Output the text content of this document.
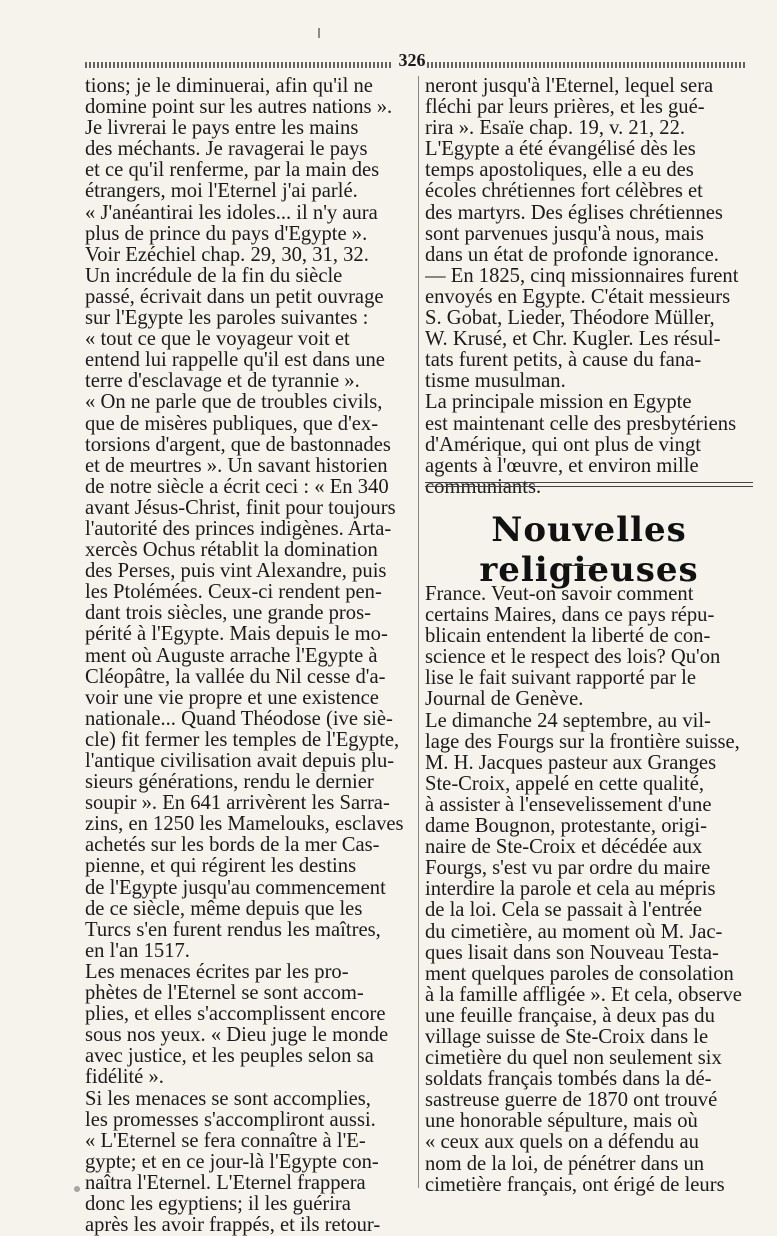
326
tions; je le diminuerai, afin qu'il ne
domine point sur les autres nations ».
Je livrerai le pays entre les mains
des méchants. Je ravagerai le pays
et ce qu'il renferme, par la main des
étrangers, moi l'Eternel j'ai parlé.
« J'anéantirai les idoles... il n'y aura
plus de prince du pays d'Egypte ».
Voir Ezéchiel chap. 29, 30, 31, 32.
Un incrédule de la fin du siècle
passé, écrivait dans un petit ouvrage
sur l'Egypte les paroles suivantes :
« tout ce que le voyageur voit et
entend lui rappelle qu'il est dans une
terre d'esclavage et de tyrannie ».
« On ne parle que de troubles civils,
que de misères publiques, que d'ex-
torsions d'argent, que de bastonnades
et de meurtres ». Un savant historien
de notre siècle a écrit ceci : « En 340
avant Jésus-Christ, finit pour toujours
l'autorité des princes indigènes. Arta-
xercès Ochus rétablit la domination
des Perses, puis vint Alexandre, puis
les Ptolémées. Ceux-ci rendent pen-
dant trois siècles, une grande pros-
périté à l'Egypte. Mais depuis le mo-
ment où Auguste arrache l'Egypte à
Cléopâtre, la vallée du Nil cesse d'a-
voir une vie propre et une existence
nationale... Quand Théodose (ive siè-
cle) fit fermer les temples de l'Egypte,
l'antique civilisation avait depuis plu-
sieurs générations, rendu le dernier
soupir ». En 641 arrivèrent les Sarra-
zins, en 1250 les Mamelouks, esclaves
achetés sur les bords de la mer Cas-
pienne, et qui régirent les destins
de l'Egypte jusqu'au commencement
de ce siècle, même depuis que les
Turcs s'en furent rendus les maîtres,
en l'an 1517.
Les menaces écrites par les pro-
phètes de l'Eternel se sont accom-
plies, et elles s'accomplissent encore
sous nos yeux. « Dieu juge le monde
avec justice, et les peuples selon sa
fidélité ».
Si les menaces se sont accomplies,
les promesses s'accompliront aussi.
« L'Eternel se fera connaître à l'E-
gypte; et en ce jour-là l'Egypte con-
naîtra l'Eternel. L'Eternel frappera
donc les egyptiens; il les guérira
après les avoir frappés, et ils retour-
neront jusqu'à l'Eternel, lequel sera
fléchi par leurs prières, et les gué-
rira ». Esaïe chap. 19, v. 21, 22.
L'Egypte a été évangélisé dès les
temps apostoliques, elle a eu des
écoles chrétiennes fort célèbres et
des martyrs. Des églises chrétiennes
sont parvenues jusqu'à nous, mais
dans un état de profonde ignorance.
— En 1825, cinq missionnaires furent
envoyés en Egypte. C'était messieurs
S. Gobat, Lieder, Théodore Müller,
W. Krusé, et Chr. Kugler. Les résul-
tats furent petits, à cause du fana-
tisme musulman.
La principale mission en Egypte
est maintenant celle des presbytériens
d'Amérique, qui ont plus de vingt
agents à l'œuvre, et environ mille
communiants.
Nouvelles religieuses
France. Veut-on savoir comment
certains Maires, dans ce pays répu-
blicain entendent la liberté de con-
science et le respect des lois? Qu'on
lise le fait suivant rapporté par le
Journal de Genève.
Le dimanche 24 septembre, au vil-
lage des Fourgs sur la frontière suisse,
M. H. Jacques pasteur aux Granges
Ste-Croix, appelé en cette qualité,
à assister à l'ensevelissement d'une
dame Bougnon, protestante, origi-
naire de Ste-Croix et décédée aux
Fourgs, s'est vu par ordre du maire
interdire la parole et cela au mépris
de la loi. Cela se passait à l'entrée
du cimetière, au moment où M. Jac-
ques lisait dans son Nouveau Testa-
ment quelques paroles de consolation
à la famille affligée ». Et cela, observe
une feuille française, à deux pas du
village suisse de Ste-Croix dans le
cimetière du quel non seulement six
soldats français tombés dans la dé-
sastreuse guerre de 1870 ont trouvé
une honorable sépulture, mais où
« ceux aux quels on a défendu au
nom de la loi, de pénétrer dans un
cimetière français, ont érigé de leurs
